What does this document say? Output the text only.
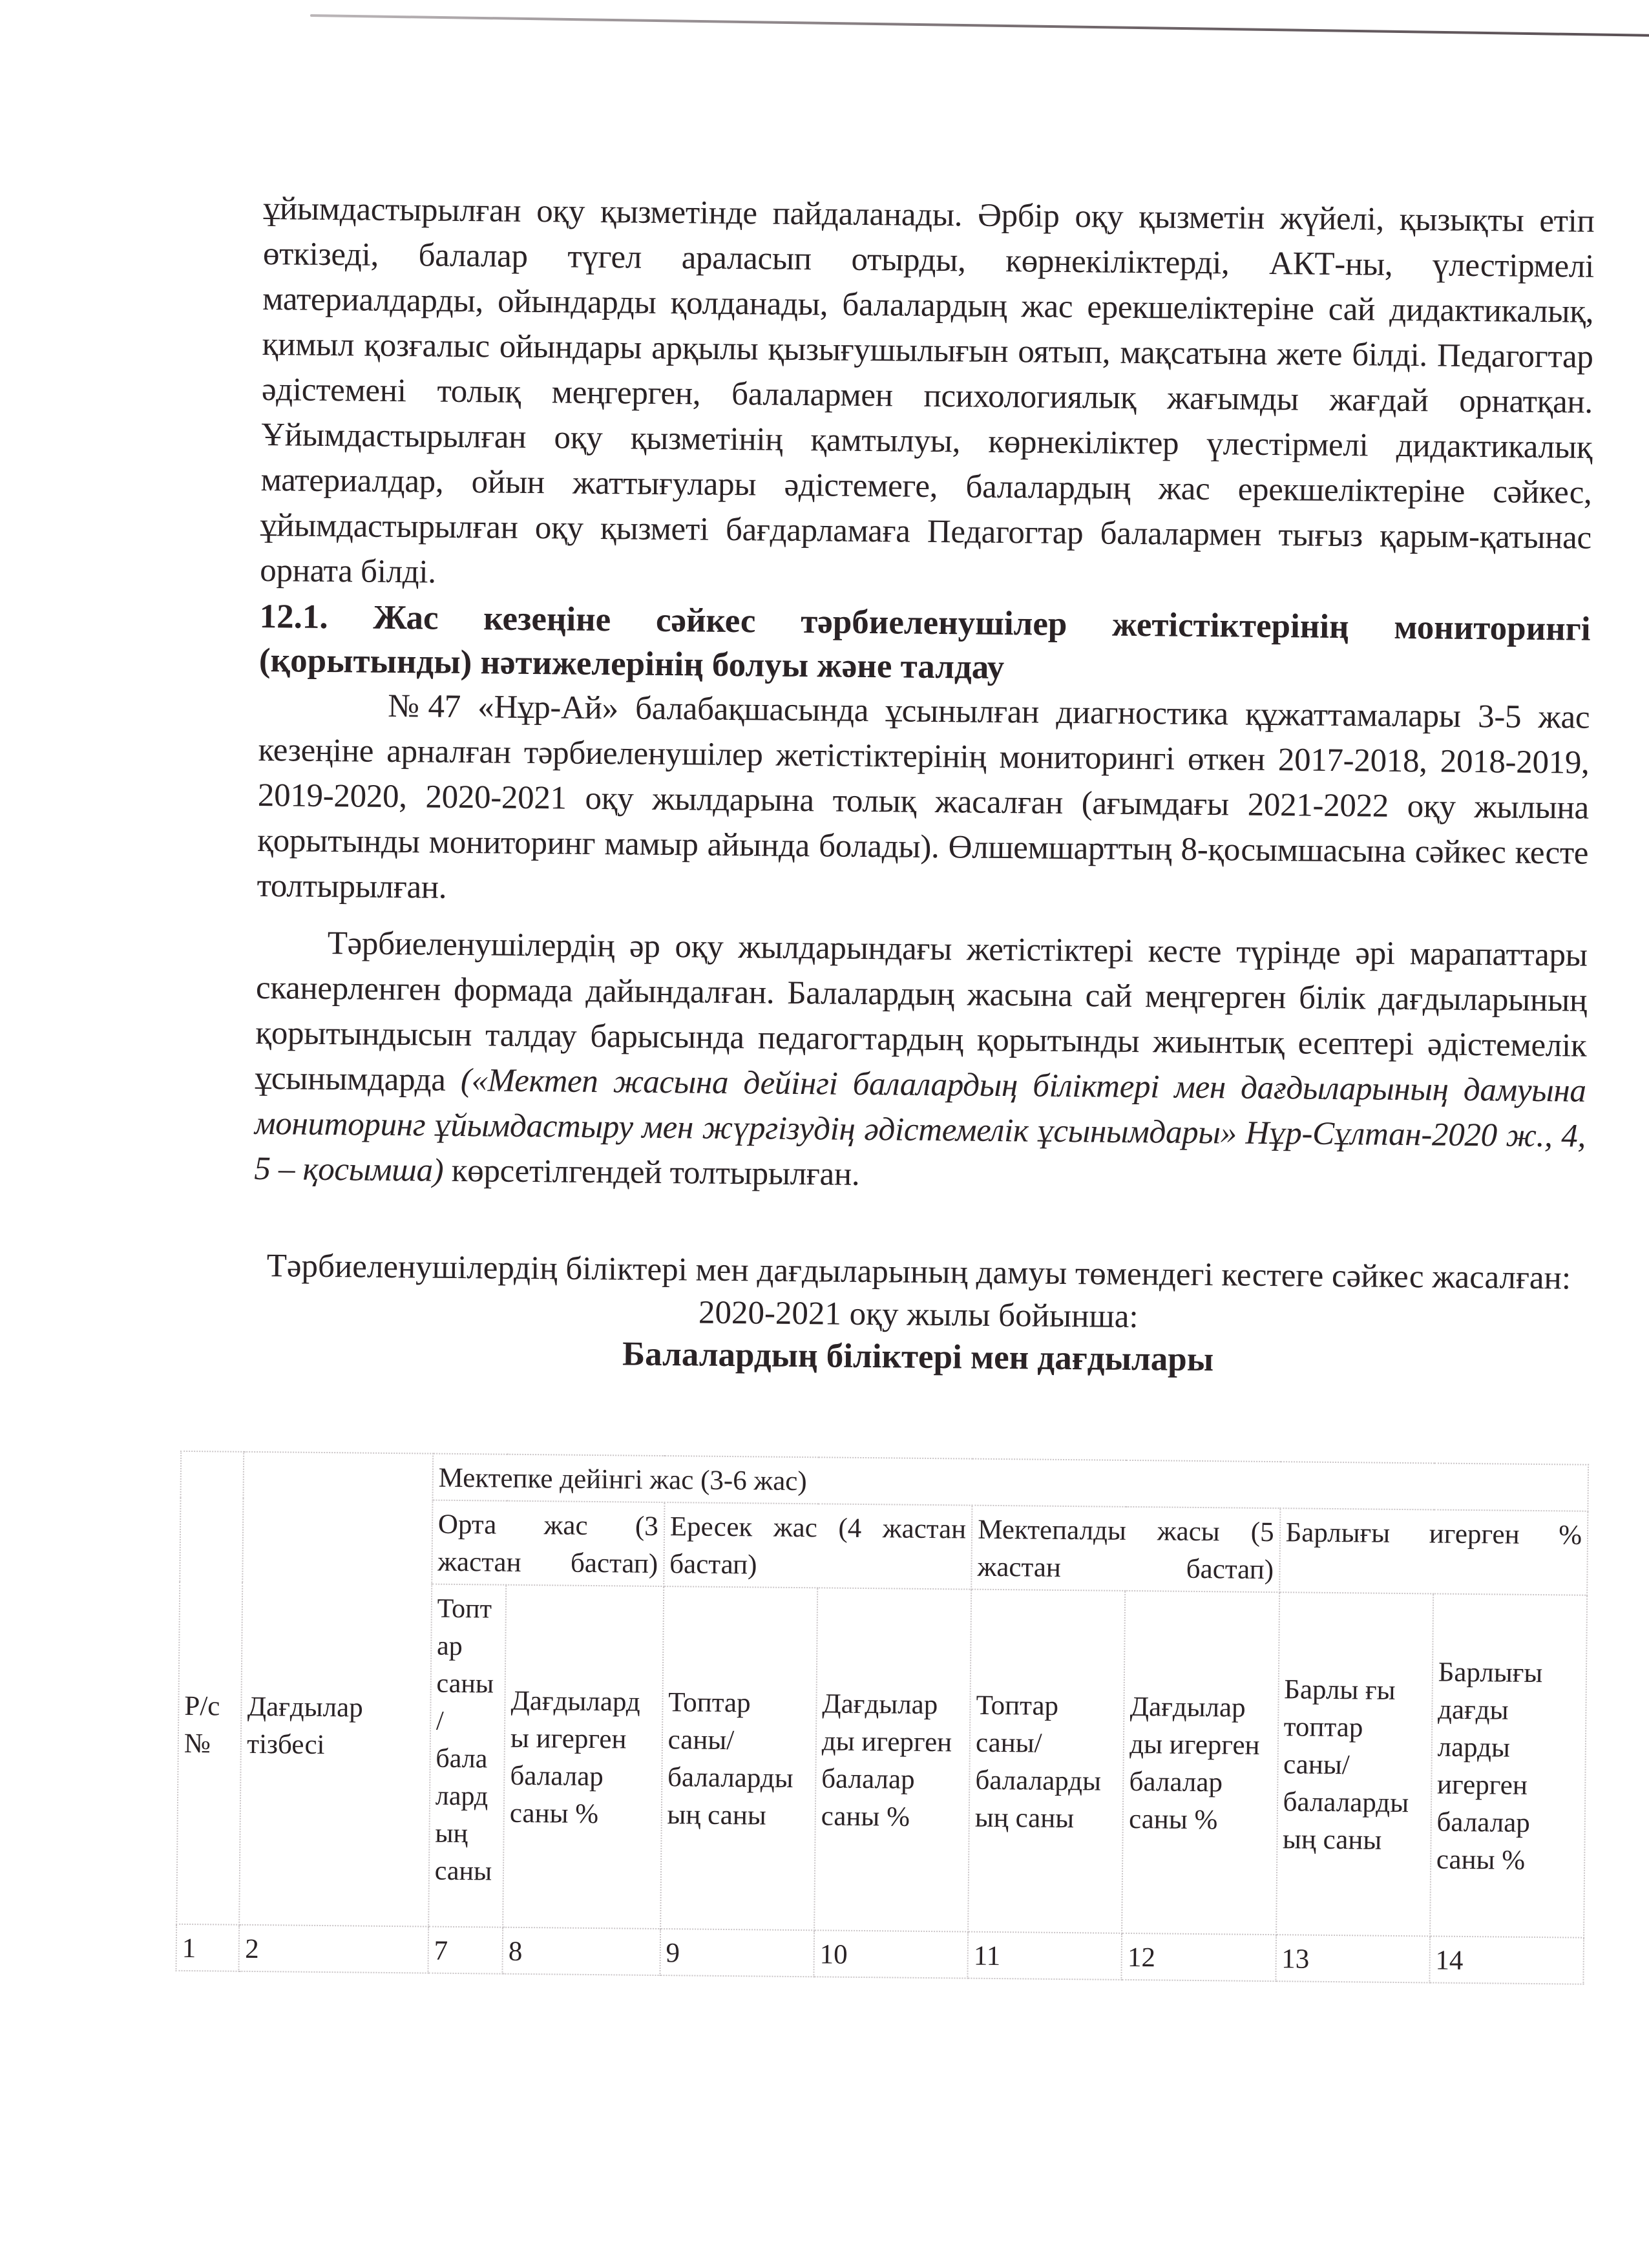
ұйымдастырылған оқу қызметінде пайдаланады. Әрбір оқу қызметін жүйелі, қызықты етіп өткізеді, балалар түгел араласып отырды, көрнекіліктерді, АКТ-ны, үлестірмелі материалдарды, ойындарды қолданады, балалардың жас ерекшеліктеріне сай дидактикалық, қимыл қозғалыс ойындары арқылы қызығушылығын оятып, мақсатына жете білді. Педагогтар әдістемені толық меңгерген, балалармен психологиялық жағымды жағдай орнатқан. Ұйымдастырылған оқу қызметінің қамтылуы, көрнекіліктер үлестірмелі дидактикалық материалдар, ойын жаттығулары әдістемеге, балалардың жас ерекшеліктеріне сәйкес, ұйымдастырылған оқу қызметі бағдарламаға Педагогтар балалармен тығыз қарым-қатынас орната білді.

12.1. Жас кезеңіне сәйкес тәрбиеленушілер жетістіктерінің мониторингі (қорытынды) нәтижелерінің болуы және талдау

№47 «Нұр-Ай» балабақшасында ұсынылған диагностика құжаттамалары 3-5 жас кезеңіне арналған тәрбиеленушілер жетістіктерінің мониторингі өткен 2017-2018, 2018-2019, 2019-2020, 2020-2021 оқу жылдарына толық жасалған (ағымдағы 2021-2022 оқу жылына қорытынды мониторинг мамыр айында болады). Өлшемшарттың 8-қосымшасына сәйкес кесте толтырылған.

Тәрбиеленушілердің әр оқу жылдарындағы жетістіктері кесте түрінде әрі марапаттары сканерленген формада дайындалған. Балалардың жасына сай меңгерген білік дағдыларының қорытындысын талдау барысында педагогтардың қорытынды жиынтық есептері әдістемелік ұсынымдарда («Мектеп жасына дейінгі балалардың біліктері мен дағдыларының дамуына мониторинг ұйымдастыру мен жүргізудің әдістемелік ұсынымдары» Нұр-Сұлтан-2020 ж., 4, 5 – қосымша) көрсетілгендей толтырылған.

Тәрбиеленушілердің біліктері мен дағдыларының дамуы төмендегі кестеге сәйкес жасалған:

2020-2021 оқу жылы бойынша:

Балалардың біліктері мен дағдылары

Р/с №	Дағдылар тізбесі	Мектепке дейінгі жас (3-6 жас)							
		Орта жас (3 жастан бастап)		Ересек жас (4 жастан бастап)		Мектепалды жасы (5 жастан бастап)		Барлығы игерген %	
		Топт ар саны / бала лард ың саны	Дағдылард ы игерген балалар саны %	Топтар саны/ балаларды ың саны	Дағдылар ды игерген балалар саны %	Топтар саны/ балаларды ың саны	Дағдылар ды игерген балалар саны %	Барлы ғы топтар саны/ балаларды ың саны	Барлығы дағды ларды игерген балалар саны %
1	2	7	8	9	10	11	12	13	14
